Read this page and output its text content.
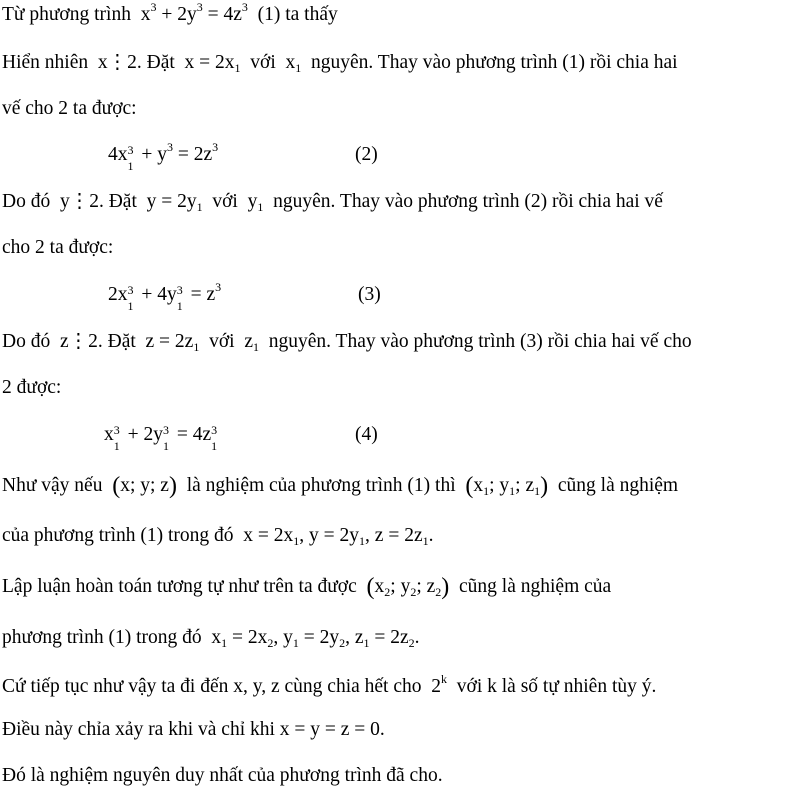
Từ phương trình  $x^3 + 2y^3 = 4z^3$ (1) ta thấy
Hiển nhiên  x⋮2. Đặt  $x = 2x_1$ với  $x_1$ nguyên. Thay vào phương trình (1) rồi chia hai
vế cho 2 ta được:
4x 3
1
+ $y^3 = 2z^3$	(2)
Do đó  y⋮2. Đặt  $y = 2y_1$ với  $y_1$ nguyên. Thay vào phương trình (2) rồi chia hai vế
cho 2 ta được:
2x 3
1
+ 4y 3
1
= $z^3$	(3)
Do đó  z⋮2. Đặt  $z = 2z_1$ với  $z_1$ nguyên. Thay vào phương trình (3) rồi chia hai vế cho
2 được:
x 3
1
+ 2y 3
1
= 4z 3
1
(4)
Như vậy nếu (x; y; z) là nghiệm của phương trình (1) thì ($x_1$; $y_1$; $z_1$) cũng là nghiệm
của phương trình (1) trong đó  $x = 2x_1$, $y = 2y_1$, $z = 2z_1$.
Lập luận hoàn toán tương tự như trên ta được ($x_2$; $y_2$; $z_2$) cũng là nghiệm của
phương trình (1) trong đó  $x_1 = 2x_2$, $y_1 = 2y_2$, $z_1 = 2z_2$.
Cứ tiếp tục như vậy ta đi đến x, y, z cùng chia hết cho  2$^k$ với k là số tự nhiên tùy ý.
Điều này chỉa xảy ra khi và chỉ khi x = y = z = 0.
Đó là nghiệm nguyên duy nhất của phương trình đã cho.
